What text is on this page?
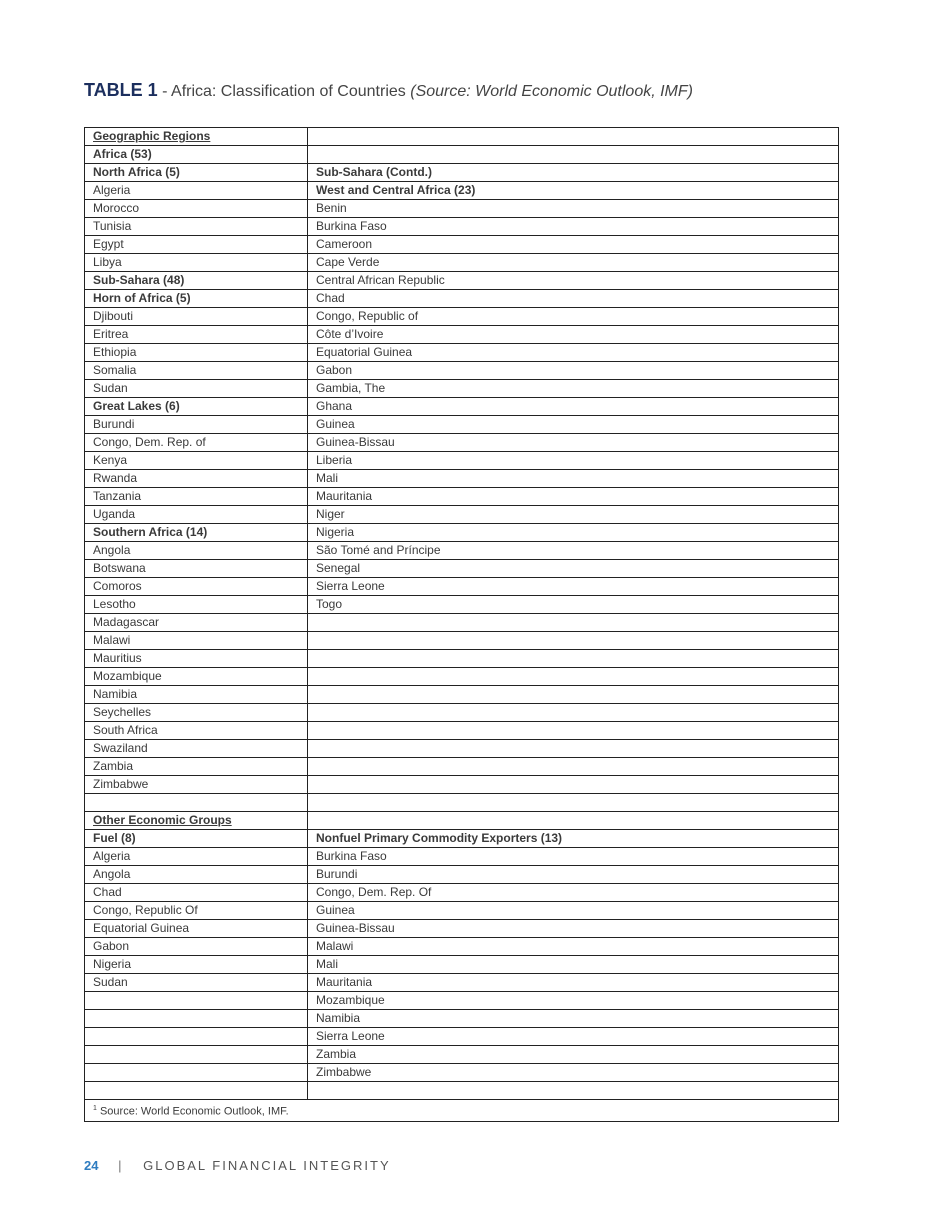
TABLE 1 - Africa: Classification of Countries (Source: World Economic Outlook, IMF)
Geographic Regions	
Africa (53)	
North Africa (5)	Sub-Sahara (Contd.)
Algeria	West and Central Africa (23)
Morocco	Benin
Tunisia	Burkina Faso
Egypt	Cameroon
Libya	Cape Verde
Sub-Sahara (48)	Central African Republic
Horn of Africa (5)	Chad
Djibouti	Congo, Republic of
Eritrea	Côte d’Ivoire
Ethiopia	Equatorial Guinea
Somalia	Gabon
Sudan	Gambia, The
Great Lakes (6)	Ghana
Burundi	Guinea
Congo, Dem. Rep. of	Guinea-Bissau
Kenya	Liberia
Rwanda	Mali
Tanzania	Mauritania
Uganda	Niger
Southern Africa (14)	Nigeria
Angola	São Tomé and Príncipe
Botswana	Senegal
Comoros	Sierra Leone
Lesotho	Togo
Madagascar	
Malawi	
Mauritius	
Mozambique	
Namibia	
Seychelles	
South Africa	
Swaziland	
Zambia	
Zimbabwe	

Other Economic Groups	
Fuel (8)	Nonfuel Primary Commodity Exporters (13)
Algeria	Burkina Faso
Angola	Burundi
Chad	Congo, Dem. Rep. Of
Congo, Republic Of	Guinea
Equatorial Guinea	Guinea-Bissau
Gabon	Malawi
Nigeria	Mali
Sudan	Mauritania
	Mozambique
	Namibia
	Sierra Leone
	Zambia
	Zimbabwe

$^1$ Source: World Economic Outlook, IMF.	
24 | GLOBAL FINANCIAL INTEGRITY
